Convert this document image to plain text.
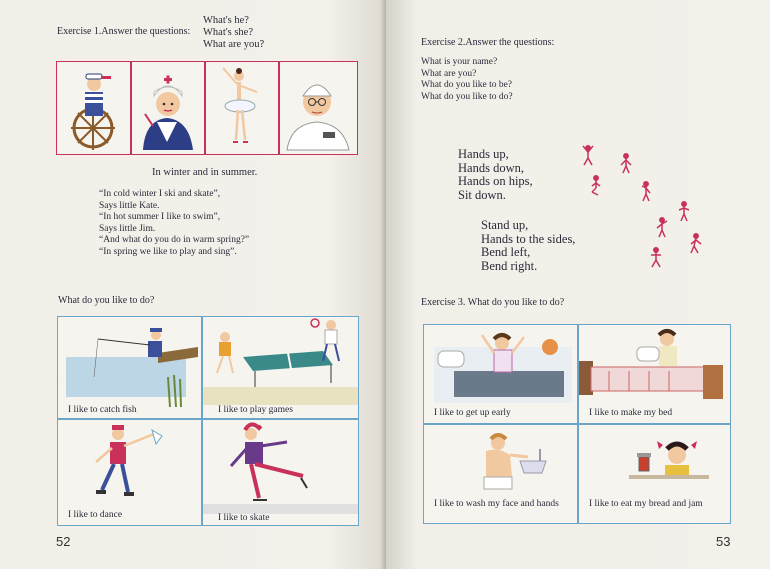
Exercise 1.Answer the questions:
What's he?
What's she?
What are you?
In winter and in summer.
“In cold winter I ski and skate”,
Says little Kate.
“In hot summer I like to swim”,
Says little Jim.
“And what do you do in warm spring?”
“In spring we like to play and sing”.
What do you like to do?
I like to catch fish	I like to play games
I like to dance	I like to skate
52
Exercise 2.Answer the questions:
What is your name?
What are you?
What do you like to be?
What do you like to do?
Hands up,
Hands down,
Hands on hips,
Sit down.
Stand up,
Hands to the sides,
Bend left,
Bend right.
Exercise 3. What do you like to do?
I like to get up early	I like to make my bed
I like to wash my face and hands	I like to eat my bread and jam
53
